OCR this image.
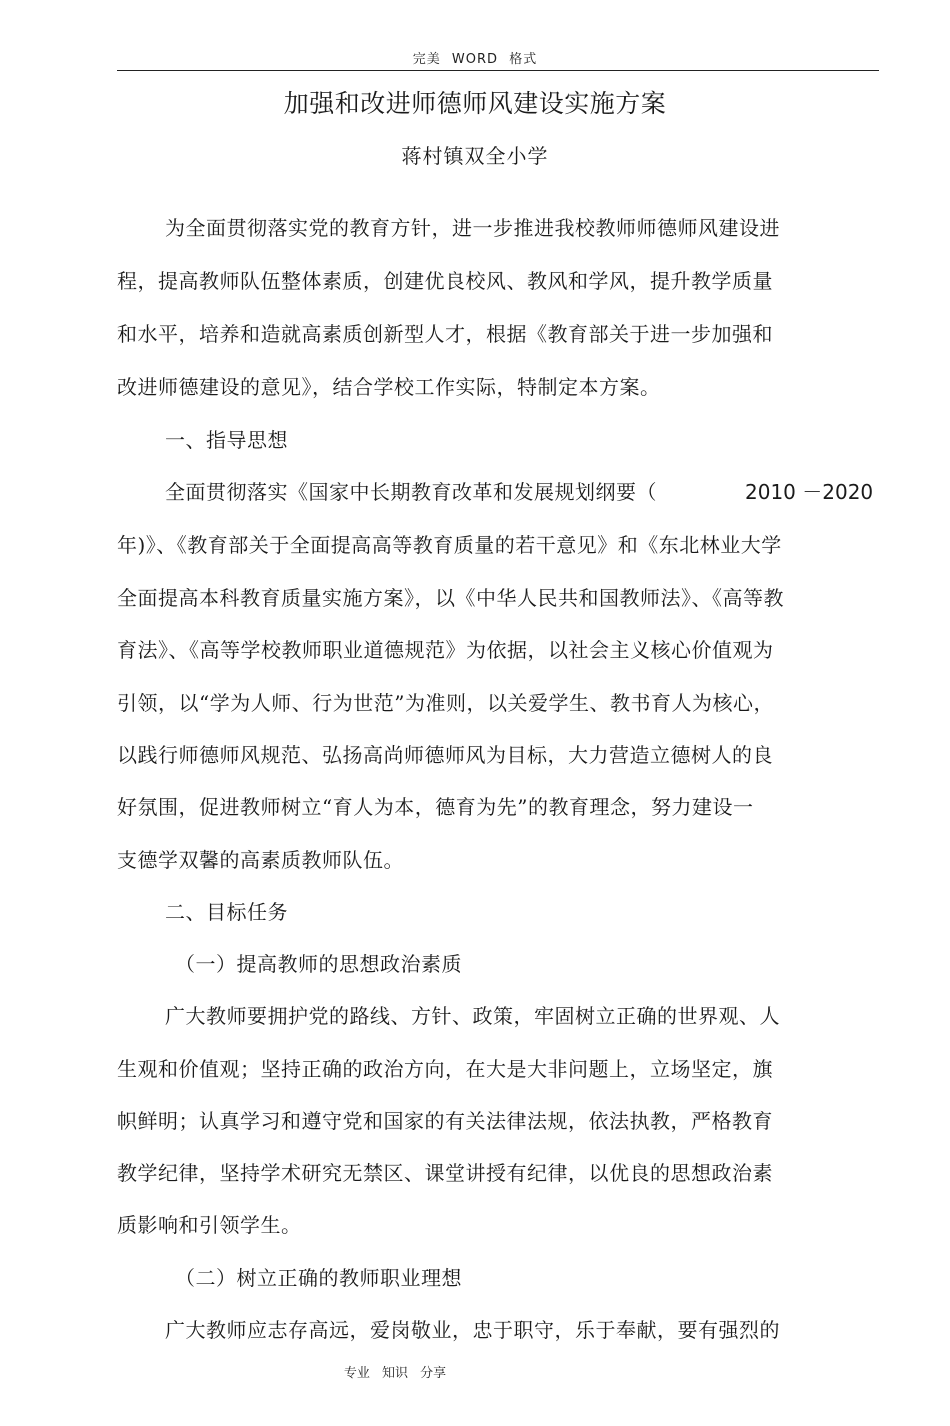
完美 WORD 格式
加强和改进师德师风建设实施方案
蒋村镇双全小学
为全面贯彻落实党的教育方针，进一步推进我校教师师德师风建设进
程，提高教师队伍整体素质，创建优良校风、教风和学风，提升教学质量
和水平，培养和造就高素质创新型人才，根据《教育部关于进一步加强和
改进师德建设的意见》，结合学校工作实际，特制定本方案。
一、指导思想
全面贯彻落实《国家中长期教育改革和发展规划纲要（	2010 －2020
年)》、《教育部关于全面提高高等教育质量的若干意见》和《东北林业大学
全面提高本科教育质量实施方案》，以《中华人民共和国教师法》、《高等教
育法》、《高等学校教师职业道德规范》为依据，以社会主义核心价值观为
引领，以“学为人师、行为世范”为准则，以关爱学生、教书育人为核心，
以践行师德师风规范、弘扬高尚师德师风为目标，大力营造立德树人的良
好氛围，促进教师树立“育人为本，德育为先”的教育理念，努力建设一
支德学双馨的高素质教师队伍。
二、目标任务
（一）提高教师的思想政治素质
广大教师要拥护党的路线、方针、政策，牢固树立正确的世界观、人
生观和价值观；坚持正确的政治方向，在大是大非问题上，立场坚定，旗
帜鲜明；认真学习和遵守党和国家的有关法律法规，依法执教，严格教育
教学纪律，坚持学术研究无禁区、课堂讲授有纪律，以优良的思想政治素
质影响和引领学生。
（二）树立正确的教师职业理想
广大教师应志存高远，爱岗敬业，忠于职守，乐于奉献，要有强烈的
专业 知识 分享
